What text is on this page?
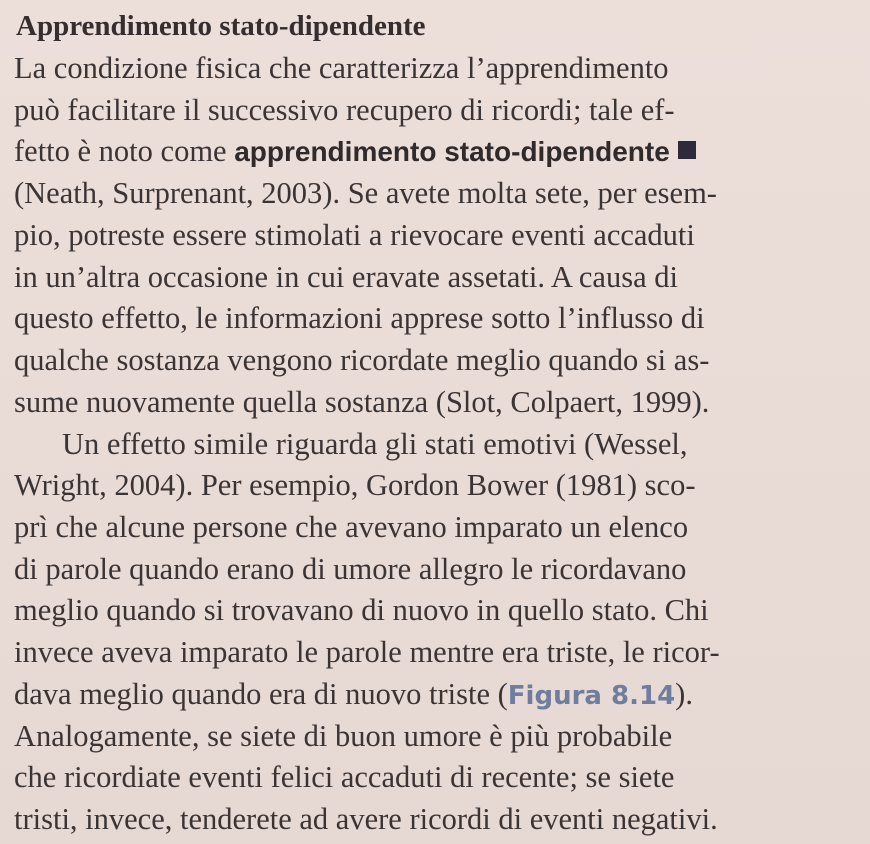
Apprendimento stato-dipendente
La condizione fisica che caratterizza l’apprendimento
può facilitare il successivo recupero di ricordi; tale ef-
fetto è noto come apprendimento stato-dipendente
(Neath, Surprenant, 2003). Se avete molta sete, per esem-
pio, potreste essere stimolati a rievocare eventi accaduti
in un’altra occasione in cui eravate assetati. A causa di
questo effetto, le informazioni apprese sotto l’influsso di
qualche sostanza vengono ricordate meglio quando si as-
sume nuovamente quella sostanza (Slot, Colpaert, 1999).
Un effetto simile riguarda gli stati emotivi (Wessel,
Wright, 2004). Per esempio, Gordon Bower (1981) sco-
prì che alcune persone che avevano imparato un elenco
di parole quando erano di umore allegro le ricordavano
meglio quando si trovavano di nuovo in quello stato. Chi
invece aveva imparato le parole mentre era triste, le ricor-
dava meglio quando era di nuovo triste (Figura 8.14).
Analogamente, se siete di buon umore è più probabile
che ricordiate eventi felici accaduti di recente; se siete
tristi, invece, tenderete ad avere ricordi di eventi negativi.
